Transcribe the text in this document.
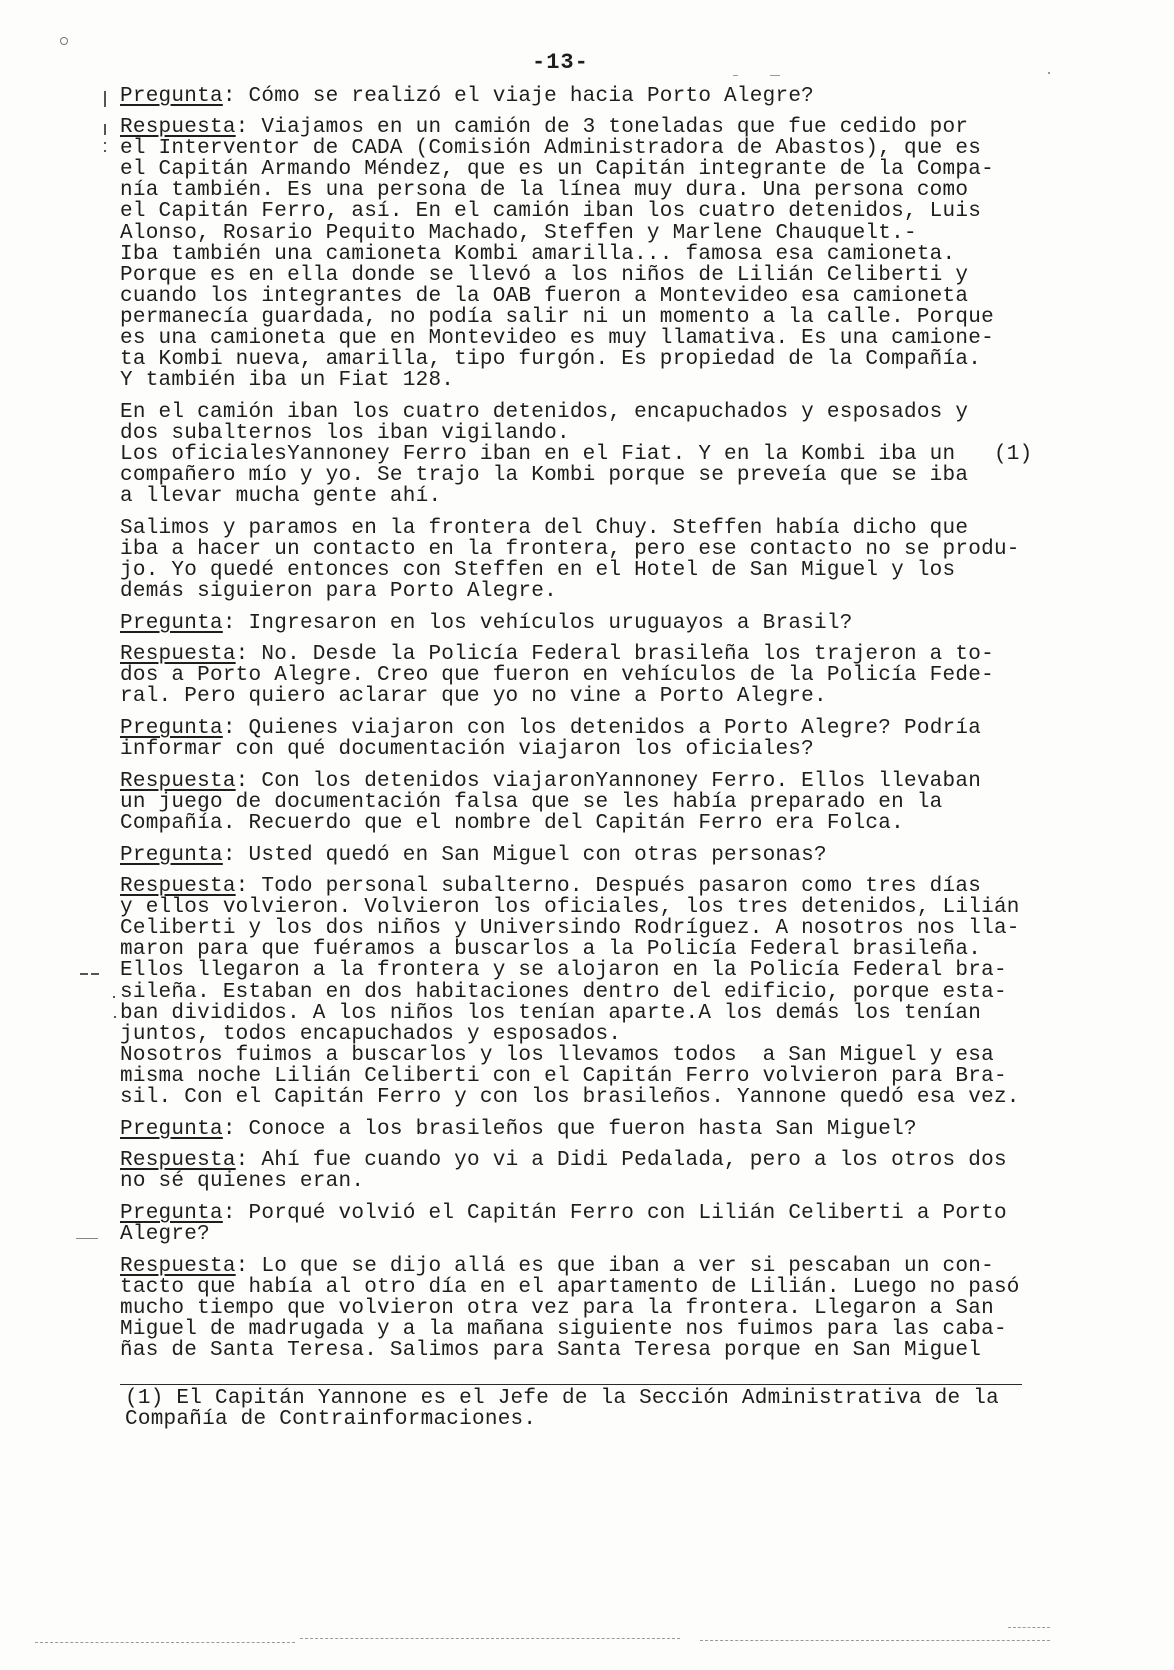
-13-
Pregunta: Cómo se realizó el viaje hacia Porto Alegre?
Respuesta: Viajamos en un camión de 3 toneladas que fue cedido por
el Interventor de CADA (Comisión Administradora de Abastos), que es
el Capitán Armando Méndez, que es un Capitán integrante de la Compa-
nía también. Es una persona de la línea muy dura. Una persona como
el Capitán Ferro, así. En el camión iban los cuatro detenidos, Luis
Alonso, Rosario Pequito Machado, Steffen y Marlene Chauquelt.-
Iba también una camioneta Kombi amarilla... famosa esa camioneta.
Porque es en ella donde se llevó a los niños de Lilián Celiberti y
cuando los integrantes de la OAB fueron a Montevideo esa camioneta
permanecía guardada, no podía salir ni un momento a la calle. Porque
es una camioneta que en Montevideo es muy llamativa. Es una camione-
ta Kombi nueva, amarilla, tipo furgón. Es propiedad de la Compañía.
Y también iba un Fiat 128.
En el camión iban los cuatro detenidos, encapuchados y esposados y
dos subalternos los iban vigilando.
Los oficialesYannoney Ferro iban en el Fiat. Y en la Kombi iba un   (1)
compañero mío y yo. Se trajo la Kombi porque se preveía que se iba
a llevar mucha gente ahí.
Salimos y paramos en la frontera del Chuy. Steffen había dicho que
iba a hacer un contacto en la frontera, pero ese contacto no se produ-
jo. Yo quedé entonces con Steffen en el Hotel de San Miguel y los
demás siguieron para Porto Alegre.
Pregunta: Ingresaron en los vehículos uruguayos a Brasil?
Respuesta: No. Desde la Policía Federal brasileña los trajeron a to-
dos a Porto Alegre. Creo que fueron en vehículos de la Policía Fede-
ral. Pero quiero aclarar que yo no vine a Porto Alegre.
Pregunta: Quienes viajaron con los detenidos a Porto Alegre? Podría
informar con qué documentación viajaron los oficiales?
Respuesta: Con los detenidos viajaronYannoney Ferro. Ellos llevaban
un juego de documentación falsa que se les había preparado en la
Compañía. Recuerdo que el nombre del Capitán Ferro era Folca.
Pregunta: Usted quedó en San Miguel con otras personas?
Respuesta: Todo personal subalterno. Después pasaron como tres días
y ellos volvieron. Volvieron los oficiales, los tres detenidos, Lilián
Celiberti y los dos niños y Universindo Rodríguez. A nosotros nos lla-
maron para que fuéramos a buscarlos a la Policía Federal brasileña.
Ellos llegaron a la frontera y se alojaron en la Policía Federal bra-
sileña. Estaban en dos habitaciones dentro del edificio, porque esta-
ban divididos. A los niños los tenían aparte.A los demás los tenían
juntos, todos encapuchados y esposados.
Nosotros fuimos a buscarlos y los llevamos todos  a San Miguel y esa
misma noche Lilián Celiberti con el Capitán Ferro volvieron para Bra-
sil. Con el Capitán Ferro y con los brasileños. Yannone quedó esa vez.
Pregunta: Conoce a los brasileños que fueron hasta San Miguel?
Respuesta: Ahí fue cuando yo vi a Didi Pedalada, pero a los otros dos
no sé quienes eran.
Pregunta: Porqué volvió el Capitán Ferro con Lilián Celiberti a Porto
Alegre?
Respuesta: Lo que se dijo allá es que iban a ver si pescaban un con-
tacto que había al otro día en el apartamento de Lilián. Luego no pasó
mucho tiempo que volvieron otra vez para la frontera. Llegaron a San
Miguel de madrugada y a la mañana siguiente nos fuimos para las caba-
ñas de Santa Teresa. Salimos para Santa Teresa porque en San Miguel
(1) El Capitán Yannone es el Jefe de la Sección Administrativa de la
Compañía de Contrainformaciones.
